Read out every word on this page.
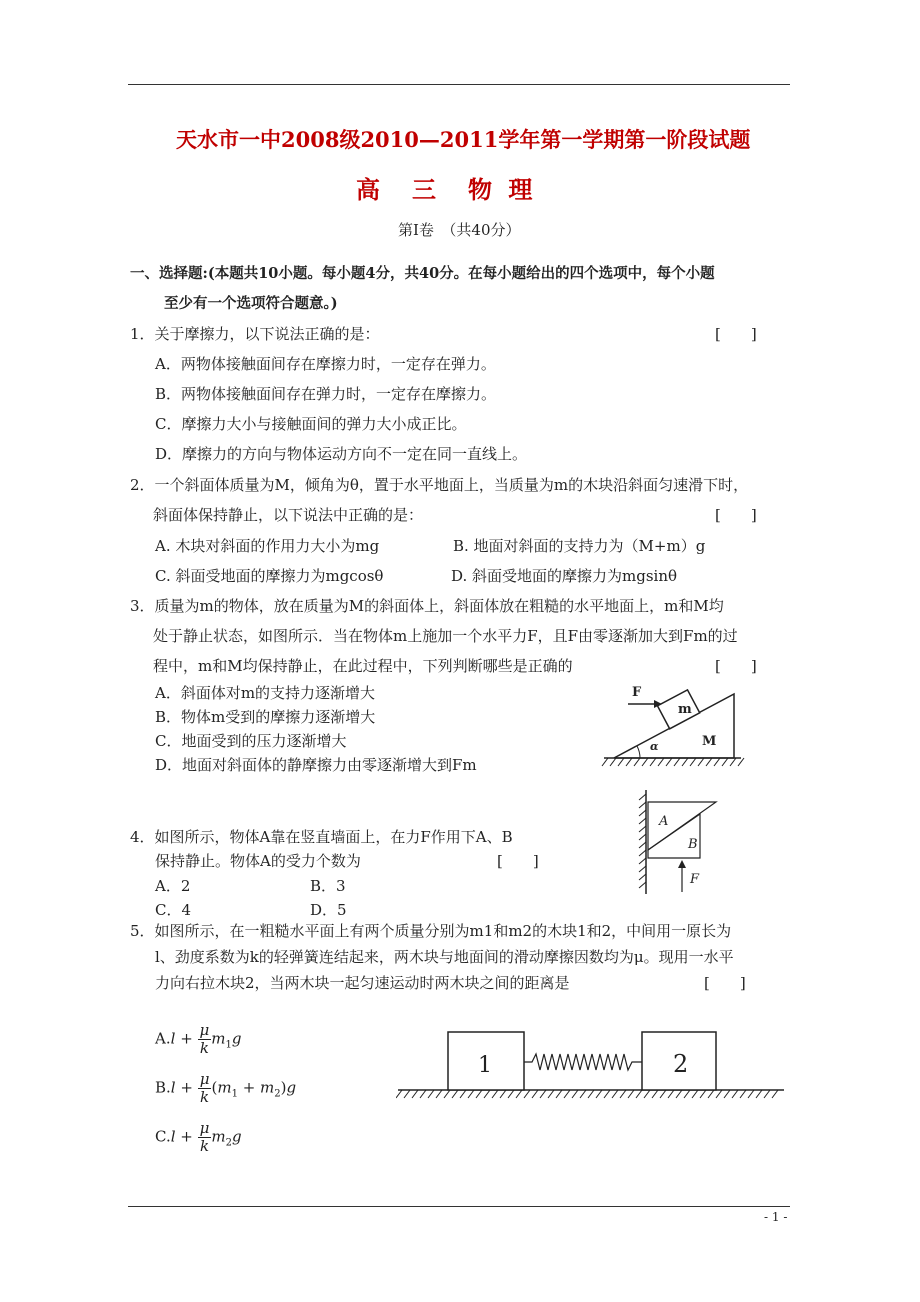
天水市一中2008级2010—2011学年第一学期第一阶段试题
高　三　物 理
第Ⅰ卷　（共40分）
一、选择题:(本题共10小题。每小题4分，共40分。在每小题给出的四个选项中，每个小题
至少有一个选项符合题意。)
1．关于摩擦力，以下说法正确的是：	[　　]
A．两物体接触面间存在摩擦力时，一定存在弹力。
B．两物体接触面间存在弹力时，一定存在摩擦力。
C．摩擦力大小与接触面间的弹力大小成正比。
D．摩擦力的方向与物体运动方向不一定在同一直线上。
2．一个斜面体质量为M，倾角为θ，置于水平地面上，当质量为m的木块沿斜面匀速滑下时，
斜面体保持静止，以下说法中正确的是：	[　　]
A. 木块对斜面的作用力大小为mg	B. 地面对斜面的支持力为（M+m）g
C. 斜面受地面的摩擦力为mgcosθ	D. 斜面受地面的摩擦力为mgsinθ
3．质量为m的物体，放在质量为M的斜面体上，斜面体放在粗糙的水平地面上，m和M均
处于静止状态，如图所示．当在物体m上施加一个水平力F，且F由零逐渐加大到Fm的过
程中，m和M均保持静止，在此过程中，下列判断哪些是正确的	[　　]
A．斜面体对m的支持力逐渐增大
B．物体m受到的摩擦力逐渐增大
C．地面受到的压力逐渐增大
D．地面对斜面体的静摩擦力由零逐渐增大到Fm
F
m
M
α
4．如图所示，物体A靠在竖直墙面上，在力F作用下A、B
保持静止。物体A的受力个数为	[　　]
A．2	B．3
C．4	D．5
A
B
F
5．如图所示，在一粗糙水平面上有两个质量分别为m1和m2的木块1和2，中间用一原长为
l、劲度系数为k的轻弹簧连结起来，两木块与地面间的滑动摩擦因数均为μ。现用一水平
力向右拉木块2，当两木块一起匀速运动时两木块之间的距离是	[　　]
$A.l + \frac{\mu}{k} m_1g$
$B.l + \frac{\mu}{k} (m_1 + m_2)g$
$C.l + \frac{\mu}{k} m_2g$
1	2
- 1 -
